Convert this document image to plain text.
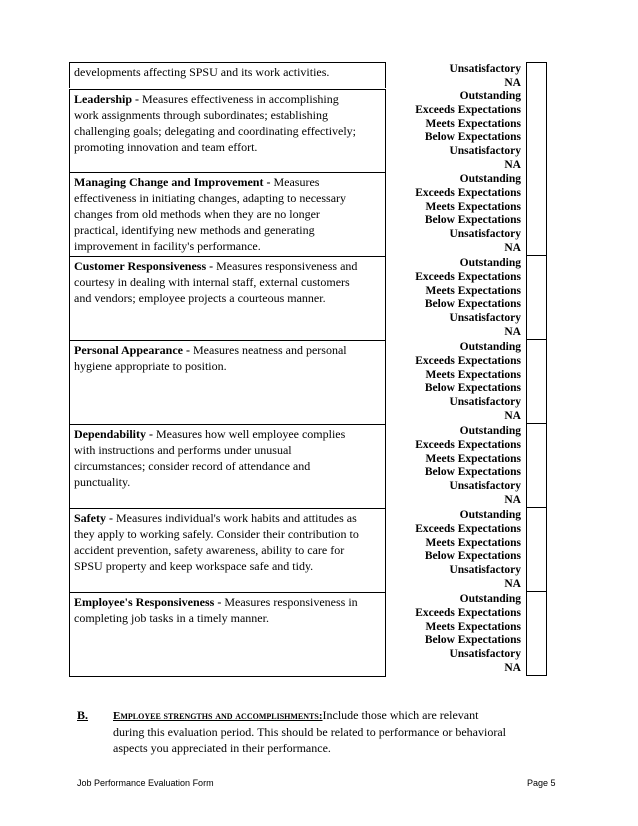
developments affecting SPSU and its work activities.	Unsatisfactory
NA
Leadership - Measures effectiveness in accomplishing
work assignments through subordinates; establishing
challenging goals; delegating and coordinating effectively;
promoting innovation and team effort.
Outstanding
Exceeds Expectations
Meets Expectations
Below Expectations
Unsatisfactory
NA
Managing Change and Improvement - Measures
effectiveness in initiating changes, adapting to necessary
changes from old methods when they are no longer
practical, identifying new methods and generating
improvement in facility's performance.
Outstanding
Exceeds Expectations
Meets Expectations
Below Expectations
Unsatisfactory
NA
Customer Responsiveness - Measures responsiveness and
courtesy in dealing with internal staff, external customers
and vendors; employee projects a courteous manner.
Outstanding
Exceeds Expectations
Meets Expectations
Below Expectations
Unsatisfactory
NA
Personal Appearance - Measures neatness and personal
hygiene appropriate to position.
Outstanding
Exceeds Expectations
Meets Expectations
Below Expectations
Unsatisfactory
NA
Dependability - Measures how well employee complies
with instructions and performs under unusual
circumstances; consider record of attendance and
punctuality.
Outstanding
Exceeds Expectations
Meets Expectations
Below Expectations
Unsatisfactory
NA
Safety - Measures individual's work habits and attitudes as
they apply to working safely. Consider their contribution to
accident prevention, safety awareness, ability to care for
SPSU property and keep workspace safe and tidy.
Outstanding
Exceeds Expectations
Meets Expectations
Below Expectations
Unsatisfactory
NA
Employee's Responsiveness - Measures responsiveness in
completing job tasks in a timely manner.
Outstanding
Exceeds Expectations
Meets Expectations
Below Expectations
Unsatisfactory
NA
B. Employee strengths and accomplishments:Include those which are relevant
during this evaluation period. This should be related to performance or behavioral
aspects you appreciated in their performance.
Job Performance Evaluation Form	Page 5
